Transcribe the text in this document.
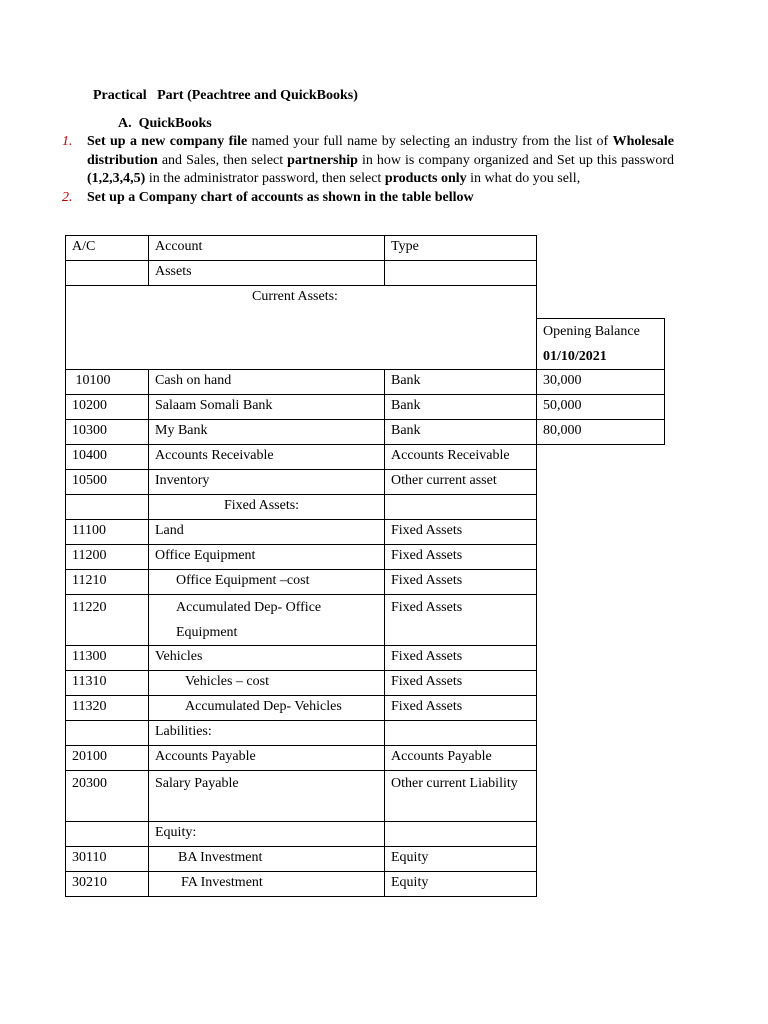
Practical   Part (Peachtree and QuickBooks)
A.  QuickBooks
1. Set up a new company file named your full name by selecting an industry from the list of Wholesale distribution and Sales, then select partnership in how is company organized and Set up this password (1,2,3,4,5) in the administrator password, then select products only in what do you sell,
2. Set up a Company chart of accounts as shown in the table bellow
A/C	Account	Type	
	Assets		
Current Assets:			

			Opening Balance
01/10/2021

10100	Cash on hand	Bank	30,000
10200	Salaam Somali Bank	Bank	50,000
10300	My Bank	Bank	80,000
10400	Accounts Receivable	Accounts Receivable	
10500	Inventory	Other current asset	
	Fixed Assets:		
11100	Land	Fixed Assets	
11200	Office Equipment	Fixed Assets	
11210	Office Equipment –cost	Fixed Assets	
11220	Accumulated Dep- Office Equipment	Fixed Assets	
11300	Vehicles	Fixed Assets	
11310	Vehicles – cost	Fixed Assets	
11320	Accumulated Dep- Vehicles	Fixed Assets	
	Labilities:		
20100	Accounts Payable	Accounts Payable	
20300	Salary Payable	Other current Liability	
	Equity:		
30110	BA Investment	Equity	
30210	FA Investment	Equity	
